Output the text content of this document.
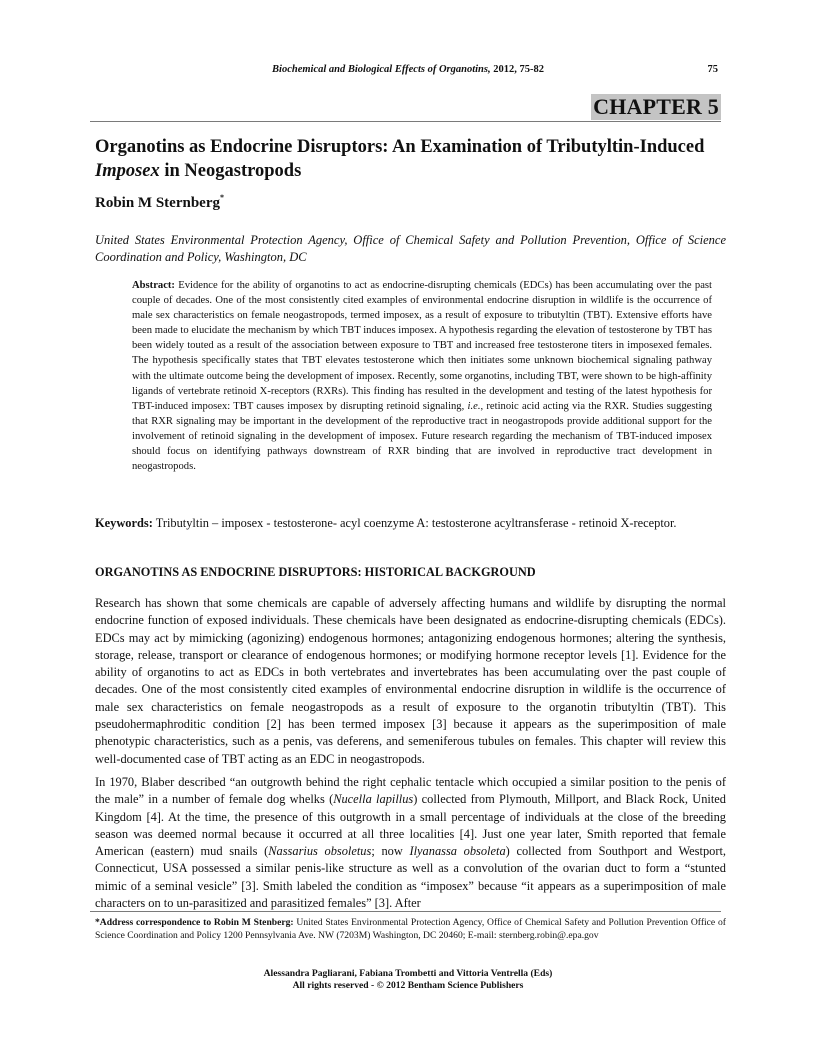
Biochemical and Biological Effects of Organotins, 2012, 75-82	75
CHAPTER 5
Organotins as Endocrine Disruptors: An Examination of Tributyltin-Induced
Imposex in Neogastropods
Robin M Sternberg*
United States Environmental Protection Agency, Office of Chemical Safety and Pollution Prevention, Office of Science Coordination and Policy, Washington, DC
Abstract: Evidence for the ability of organotins to act as endocrine-disrupting chemicals (EDCs) has been accumulating over the past couple of decades. One of the most consistently cited examples of environmental endocrine disruption in wildlife is the occurrence of male sex characteristics on female neogastropods, termed imposex, as a result of exposure to tributyltin (TBT). Extensive efforts have been made to elucidate the mechanism by which TBT induces imposex. A hypothesis regarding the elevation of testosterone by TBT has been widely touted as a result of the association between exposure to TBT and increased free testosterone titers in imposexed females. The hypothesis specifically states that TBT elevates testosterone which then initiates some unknown biochemical signaling pathway with the ultimate outcome being the development of imposex. Recently, some organotins, including TBT, were shown to be high-affinity ligands of vertebrate retinoid X-receptors (RXRs). This finding has resulted in the development and testing of the latest hypothesis for TBT-induced imposex: TBT causes imposex by disrupting retinoid signaling, i.e., retinoic acid acting via the RXR. Studies suggesting that RXR signaling may be important in the development of the reproductive tract in neogastropods provide additional support for the involvement of retinoid signaling in the development of imposex. Future research regarding the mechanism of TBT-induced imposex should focus on identifying pathways downstream of RXR binding that are involved in reproductive tract development in neogastropods.
Keywords: Tributyltin – imposex - testosterone- acyl coenzyme A: testosterone acyltransferase - retinoid X-receptor.
ORGANOTINS AS ENDOCRINE DISRUPTORS: HISTORICAL BACKGROUND
Research has shown that some chemicals are capable of adversely affecting humans and wildlife by disrupting the normal endocrine function of exposed individuals. These chemicals have been designated as endocrine-disrupting chemicals (EDCs). EDCs may act by mimicking (agonizing) endogenous hormones; antagonizing endogenous hormones; altering the synthesis, storage, release, transport or clearance of endogenous hormones; or modifying hormone receptor levels [1]. Evidence for the ability of organotins to act as EDCs in both vertebrates and invertebrates has been accumulating over the past couple of decades. One of the most consistently cited examples of environmental endocrine disruption in wildlife is the occurrence of male sex characteristics on female neogastropods as a result of exposure to the organotin tributyltin (TBT). This pseudohermaphroditic condition [2] has been termed imposex [3] because it appears as the superimposition of male phenotypic characteristics, such as a penis, vas deferens, and semeniferous tubules on females. This chapter will review this well-documented case of TBT acting as an EDC in neogastropods.
In 1970, Blaber described “an outgrowth behind the right cephalic tentacle which occupied a similar position to the penis of the male” in a number of female dog whelks (Nucella lapillus) collected from Plymouth, Millport, and Black Rock, United Kingdom [4]. At the time, the presence of this outgrowth in a small percentage of individuals at the close of the breeding season was deemed normal because it occurred at all three localities [4]. Just one year later, Smith reported that female American (eastern) mud snails (Nassarius obsoletus; now Ilyanassa obsoleta) collected from Southport and Westport, Connecticut, USA possessed a similar penis-like structure as well as a convolution of the ovarian duct to form a “stunted mimic of a seminal vesicle” [3]. Smith labeled the condition as “imposex” because “it appears as a superimposition of male characters on to un-parasitized and parasitized females” [3]. After
*Address correspondence to Robin M Stenberg: United States Environmental Protection Agency, Office of Chemical Safety and Pollution Prevention Office of Science Coordination and Policy 1200 Pennsylvania Ave. NW (7203M) Washington, DC 20460; E-mail: sternberg.robin@.epa.gov
Alessandra Pagliarani, Fabiana Trombetti and Vittoria Ventrella (Eds)
All rights reserved - © 2012 Bentham Science Publishers
